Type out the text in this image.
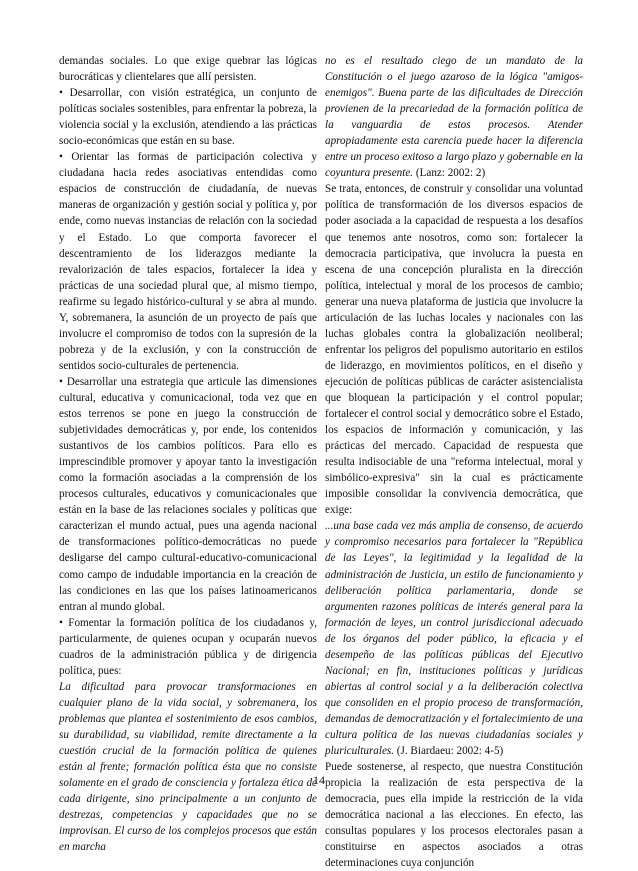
demandas sociales. Lo que exige quebrar las lógicas burocráticas y clientelares que allí persisten.

• Desarrollar, con visión estratégica, un conjunto de políticas sociales sostenibles, para enfrentar la pobreza, la violencia social y la exclusión, atendiendo a las prácticas socio-económicas que están en su base.

• Orientar las formas de participación colectiva y ciudadana hacia redes asociativas entendidas como espacios de construcción de ciudadanía, de nuevas maneras de organización y gestión social y política y, por ende, como nuevas instancias de relación con la sociedad y el Estado. Lo que comporta favorecer el descentramiento de los liderazgos mediante la revalorización de tales espacios, fortalecer la idea y prácticas de una sociedad plural que, al mismo tiempo, reafirme su legado histórico-cultural y se abra al mundo. Y, sobremanera, la asunción de un proyecto de país que involucre el compromiso de todos con la supresión de la pobreza y de la exclusión, y con la construcción de sentidos socio-culturales de pertenencia.

• Desarrollar una estrategia que articule las dimensiones cultural, educativa y comunicacional, toda vez que en estos terrenos se pone en juego la construcción de subjetividades democráticas y, por ende, los contenidos sustantivos de los cambios políticos. Para ello es imprescindible promover y apoyar tanto la investigación como la formación asociadas a la comprensión de los procesos culturales, educativos y comunicacionales que están en la base de las relaciones sociales y políticas que caracterizan el mundo actual, pues una agenda nacional de transformaciones político-democráticas no puede desligarse del campo cultural-educativo-comunicacional como campo de indudable importancia en la creación de las condiciones en las que los países latinoamericanos entran al mundo global.

• Fomentar la formación política de los ciudadanos y, particularmente, de quienes ocupan y ocuparán nuevos cuadros de la administración pública y de dirigencia política, pues:

La dificultad para provocar transformaciones en cualquier plano de la vida social, y sobremanera, los problemas que plantea el sostenimiento de esos cambios, su durabilidad, su viabilidad, remite directamente a la cuestión crucial de la formación política de quienes están al frente; formación política ésta que no consiste solamente en el grado de consciencia y fortaleza ética de cada dirigente, sino principalmente a un conjunto de destrezas, competencias y capacidades que no se improvisan. El curso de los complejos procesos que están en marcha

no es el resultado ciego de un mandato de la Constitución o el juego azaroso de la lógica "amigos-enemigos". Buena parte de las dificultades de Dirección provienen de la precariedad de la formación política de la vanguardia de estos procesos. Atender apropiadamente esta carencia puede hacer la diferencia entre un proceso exitoso a largo plazo y gobernable en la coyuntura presente. (Lanz: 2002: 2)

Se trata, entonces, de construir y consolidar una voluntad política de transformación de los diversos espacios de poder asociada a la capacidad de respuesta a los desafíos que tenemos ante nosotros, como son: fortalecer la democracia participativa, que involucra la puesta en escena de una concepción pluralista en la dirección política, intelectual y moral de los procesos de cambio; generar una nueva plataforma de justicia que involucre la articulación de las luchas locales y nacionales con las luchas globales contra la globalización neoliberal; enfrentar los peligros del populismo autoritario en estilos de liderazgo, en movimientos políticos, en el diseño y ejecución de políticas públicas de carácter asistencialista que bloquean la participación y el control popular; fortalecer el control social y democrático sobre el Estado, los espacios de información y comunicación, y las prácticas del mercado. Capacidad de respuesta que resulta indisociable de una "reforma intelectual, moral y simbólico-expresiva" sin la cual es prácticamente imposible consolidar la convivencia democrática, que exige:

...una base cada vez más amplia de consenso, de acuerdo y compromiso necesarios para fortalecer la "República de las Leyes", la legitimidad y la legalidad de la administración de Justicia, un estilo de funcionamiento y deliberación política parlamentaria, donde se argumenten razones políticas de interés general para la formación de leyes, un control jurisdiccional adecuado de los órganos del poder público, la eficacia y el desempeño de las políticas públicas del Ejecutivo Nacional; en fin, instituciones políticas y jurídicas abiertas al control social y a la deliberación colectiva que consoliden en el propio proceso de transformación, demandas de democratización y el fortalecimiento de una cultura política de las nuevas ciudadanías sociales y pluriculturales. (J. Biardaeu: 2002: 4-5)

Puede sostenerse, al respecto, que nuestra Constitución propicia la realización de esta perspectiva de la democracia, pues ella impide la restricción de la vida democrática nacional a las elecciones. En efecto, las consultas populares y los procesos electorales pasan a constituirse en aspectos asociados a otras determinaciones cuya conjunción

14
